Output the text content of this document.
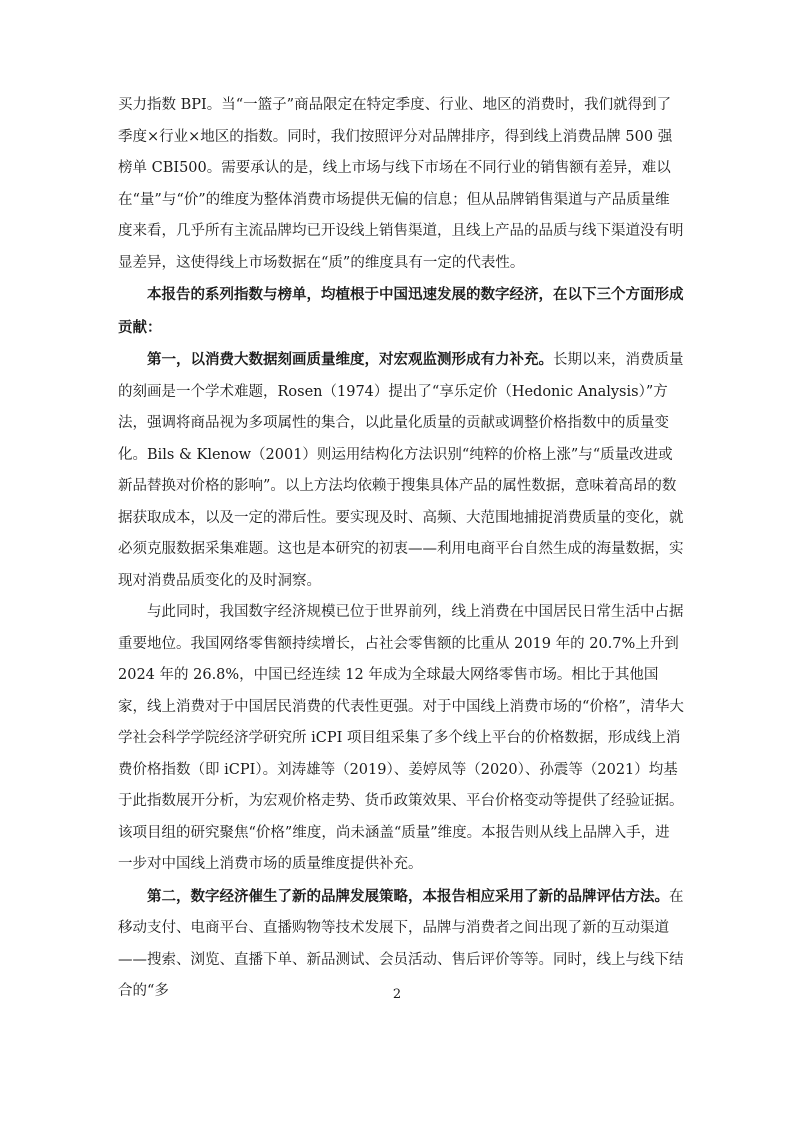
买力指数 BPI。当“一篮子”商品限定在特定季度、行业、地区的消费时，我们就得到了季度×行业×地区的指数。同时，我们按照评分对品牌排序，得到线上消费品牌 500 强榜单 CBI500。需要承认的是，线上市场与线下市场在不同行业的销售额有差异，难以在“量”与“价”的维度为整体消费市场提供无偏的信息；但从品牌销售渠道与产品质量维度来看，几乎所有主流品牌均已开设线上销售渠道，且线上产品的品质与线下渠道没有明显差异，这使得线上市场数据在“质”的维度具有一定的代表性。

本报告的系列指数与榜单，均植根于中国迅速发展的数字经济，在以下三个方面形成贡献：

第一，以消费大数据刻画质量维度，对宏观监测形成有力补充。长期以来，消费质量的刻画是一个学术难题，Rosen（1974）提出了“享乐定价（Hedonic Analysis）”方法，强调将商品视为多项属性的集合，以此量化质量的贡献或调整价格指数中的质量变化。Bils & Klenow（2001）则运用结构化方法识别“纯粹的价格上涨”与“质量改进或新品替换对价格的影响”。以上方法均依赖于搜集具体产品的属性数据，意味着高昂的数据获取成本，以及一定的滞后性。要实现及时、高频、大范围地捕捉消费质量的变化，就必须克服数据采集难题。这也是本研究的初衷——利用电商平台自然生成的海量数据，实现对消费品质变化的及时洞察。

与此同时，我国数字经济规模已位于世界前列，线上消费在中国居民日常生活中占据重要地位。我国网络零售额持续增长，占社会零售额的比重从 2019 年的 20.7%上升到 2024 年的 26.8%，中国已经连续 12 年成为全球最大网络零售市场。相比于其他国家，线上消费对于中国居民消费的代表性更强。对于中国线上消费市场的“价格”，清华大学社会科学学院经济学研究所 iCPI 项目组采集了多个线上平台的价格数据，形成线上消费价格指数（即 iCPI）。刘涛雄等（2019）、姜婷凤等（2020）、孙震等（2021）均基于此指数展开分析，为宏观价格走势、货币政策效果、平台价格变动等提供了经验证据。该项目组的研究聚焦“价格”维度，尚未涵盖“质量”维度。本报告则从线上品牌入手，进一步对中国线上消费市场的质量维度提供补充。

第二，数字经济催生了新的品牌发展策略，本报告相应采用了新的品牌评估方法。在移动支付、电商平台、直播购物等技术发展下，品牌与消费者之间出现了新的互动渠道——搜索、浏览、直播下单、新品测试、会员活动、售后评价等等。同时，线上与线下结合的“多	2
